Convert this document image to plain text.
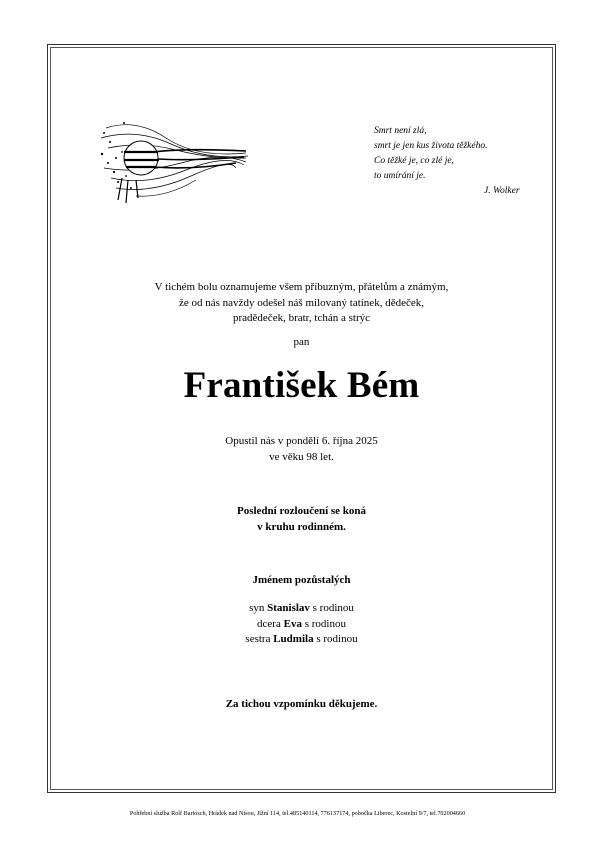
Smrt není zlá,
smrt je jen kus života těžkého.
Co těžké je, co zlé je,
to umírání je.
J. Wolker
V tichém bolu oznamujeme všem příbuzným, přátelům a známým,
že od nás navždy odešel náš milovaný tatínek, dědeček,
pradědeček, bratr, tchán a strýc
pan
František Bém
Opustil nás v pondělí 6. října 2025
ve věku 98 let.
Poslední rozloučení se koná
v kruhu rodinném.
Jménem pozůstalých
syn Stanislav s rodinou
dcera Eva s rodinou
sestra Ludmila s rodinou
Za tichou vzpomínku děkujeme.
Pohřební služba Rolf Bartosch, Hrádek nad Nisou, Jižní 114, tel.485140114, 776137174, pobočka Liberec, Kostelní 9/7, tel.702004660
